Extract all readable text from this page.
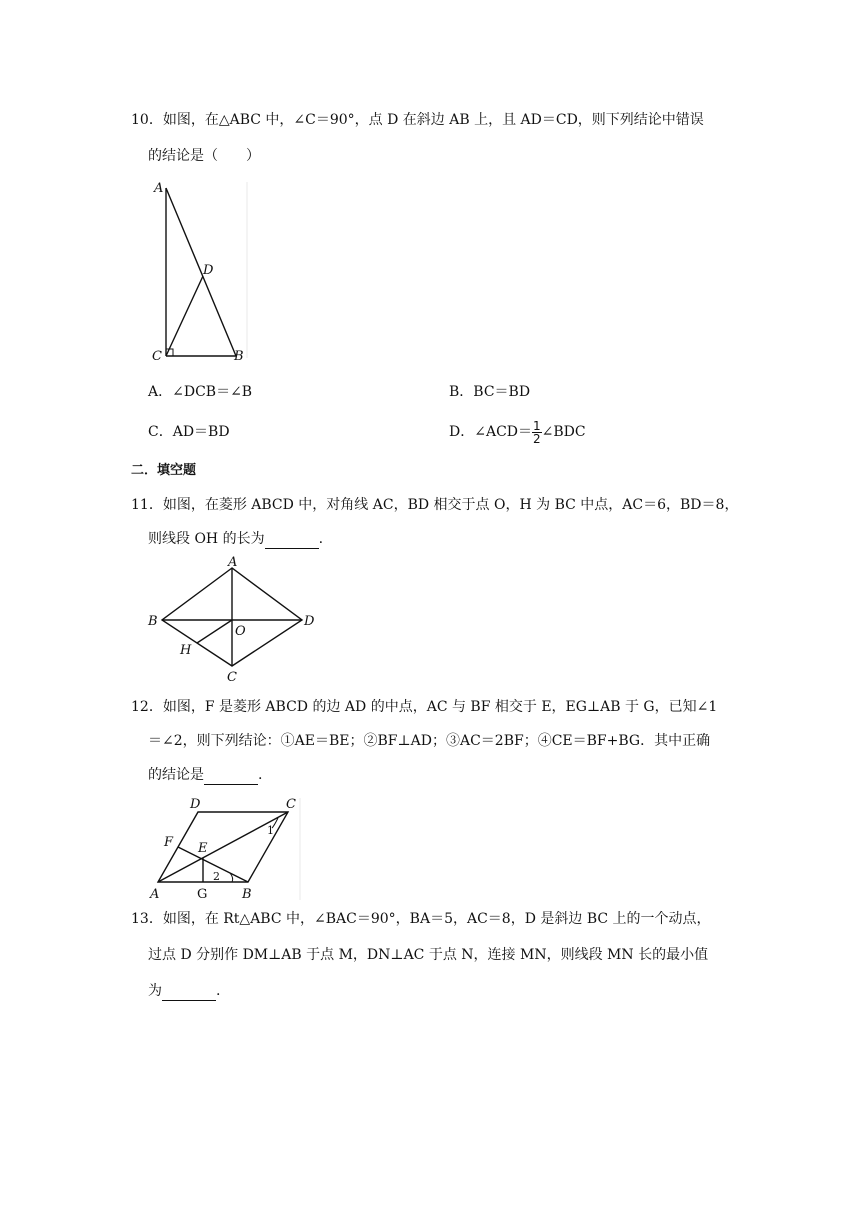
10．如图，在△ABC 中，∠C＝90°，点 D 在斜边 AB 上，且 AD＝CD，则下列结论中错误
的结论是（　　）
A
D
C	B
A．∠DCB＝∠B	B．BC＝BD
C．AD＝BD	D．∠ACD＝ $\frac{1}{2}$ ∠BDC
二．填空题
11．如图，在菱形 ABCD 中，对角线 AC，BD 相交于点 O，H 为 BC 中点，AC＝6，BD＝8，
则线段 OH 的长为	.
A
B	D
O
H
C
12．如图，F 是菱形 ABCD 的边 AD 的中点，AC 与 BF 相交于 E，EG⊥AB 于 G，已知∠1
＝∠2，则下列结论：①AE＝BE；②BF⊥AD；③AC＝2BF；④CE＝BF+BG．其中正确
的结论是	.
D	C
F E
A	G	B
1
2
13．如图，在 Rt△ABC 中，∠BAC＝90°，BA＝5，AC＝8，D 是斜边 BC 上的一个动点，
过点 D 分别作 DM⊥AB 于点 M，DN⊥AC 于点 N，连接 MN，则线段 MN 长的最小值
为	.
